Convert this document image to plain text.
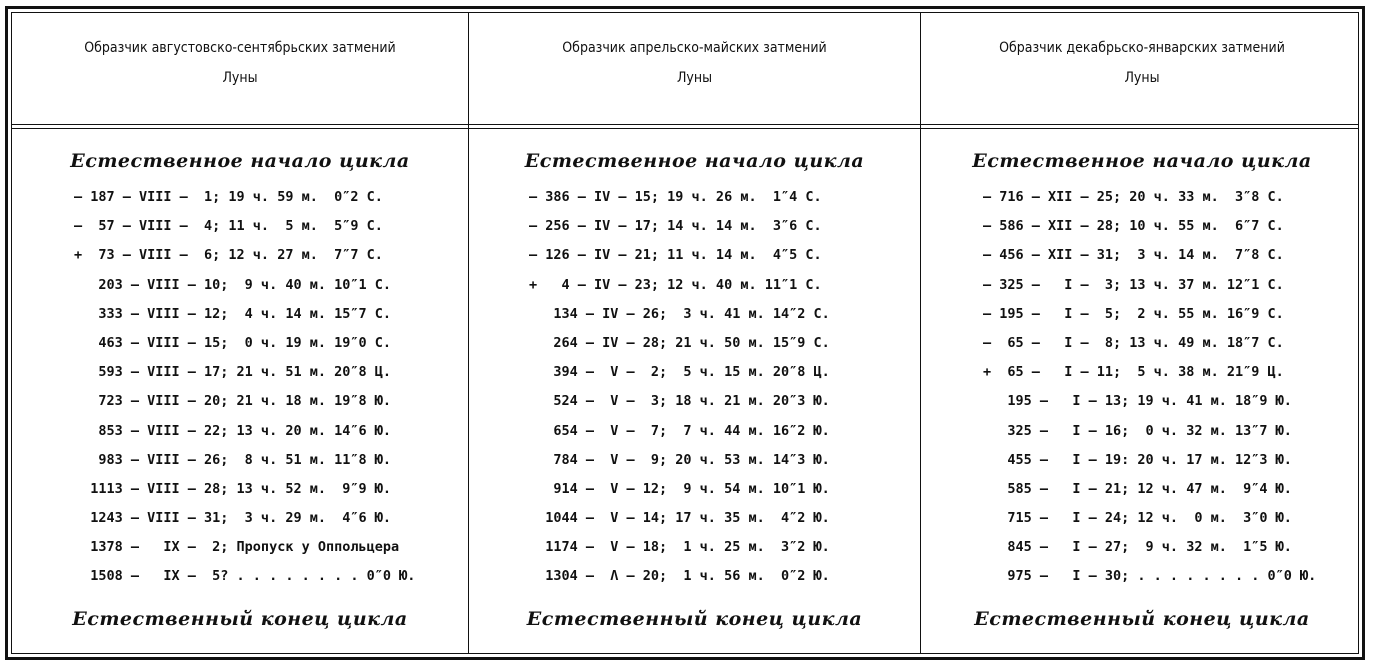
Образчик августовско-сентябрьских затмений
Луны
Естественное начало цикла
— 187 — VIII —  1; 19 ч. 59 м.  0″2 С.
—  57 — VIII —  4; 11 ч.  5 м.  5″9 С.
+  73 — VIII —  6; 12 ч. 27 м.  7″7 С.
203 — VIII — 10;  9 ч. 40 м. 10″1 С.
333 — VIII — 12;  4 ч. 14 м. 15″7 С.
463 — VIII — 15;  0 ч. 19 м. 19″0 С.
593 — VIII — 17; 21 ч. 51 м. 20″8 Ц.
723 — VIII — 20; 21 ч. 18 м. 19″8 Ю.
853 — VIII — 22; 13 ч. 20 м. 14″6 Ю.
983 — VIII — 26;  8 ч. 51 м. 11″8 Ю.
1113 — VIII — 28; 13 ч. 52 м.  9″9 Ю.
1243 — VIII — 31;  3 ч. 29 м.  4″6 Ю.
1378 —   IX —  2; Пропуск у Оппольцера
1508 —   IX —  5? . . . . . . . . 0″0 Ю.
Естественный конец цикла
Образчик апрельско-майских затмений
Луны
Естественное начало цикла
— 386 — IV — 15; 19 ч. 26 м.  1″4 С.
— 256 — IV — 17; 14 ч. 14 м.  3″6 С.
— 126 — IV — 21; 11 ч. 14 м.  4″5 С.
+   4 — IV — 23; 12 ч. 40 м. 11″1 С.
134 — IV — 26;  3 ч. 41 м. 14″2 С.
264 — IV — 28; 21 ч. 50 м. 15″9 С.
394 —  V —  2;  5 ч. 15 м. 20″8 Ц.
524 —  V —  3; 18 ч. 21 м. 20″3 Ю.
654 —  V —  7;  7 ч. 44 м. 16″2 Ю.
784 —  V —  9; 20 ч. 53 м. 14″3 Ю.
914 —  V — 12;  9 ч. 54 м. 10″1 Ю.
1044 —  V — 14; 17 ч. 35 м.  4″2 Ю.
1174 —  V — 18;  1 ч. 25 м.  3″2 Ю.
1304 —  Λ — 20;  1 ч. 56 м.  0″2 Ю.
Естественный конец цикла
Образчик декабрьско-январских затмений
Луны
Естественное начало цикла
— 716 — XII — 25; 20 ч. 33 м.  3″8 С.
— 586 — XII — 28; 10 ч. 55 м.  6″7 С.
— 456 — XII — 31;  3 ч. 14 м.  7″8 С.
— 325 —   I —  3; 13 ч. 37 м. 12″1 С.
— 195 —   I —  5;  2 ч. 55 м. 16″9 С.
—  65 —   I —  8; 13 ч. 49 м. 18″7 С.
+  65 —   I — 11;  5 ч. 38 м. 21″9 Ц.
195 —   I — 13; 19 ч. 41 м. 18″9 Ю.
325 —   I — 16;  0 ч. 32 м. 13″7 Ю.
455 —   I — 19: 20 ч. 17 м. 12″3 Ю.
585 —   I — 21; 12 ч. 47 м.  9″4 Ю.
715 —   I — 24; 12 ч.  0 м.  3″0 Ю.
845 —   I — 27;  9 ч. 32 м.  1″5 Ю.
975 —   I — 30; . . . . . . . . 0″0 Ю.
Естественный конец цикла
